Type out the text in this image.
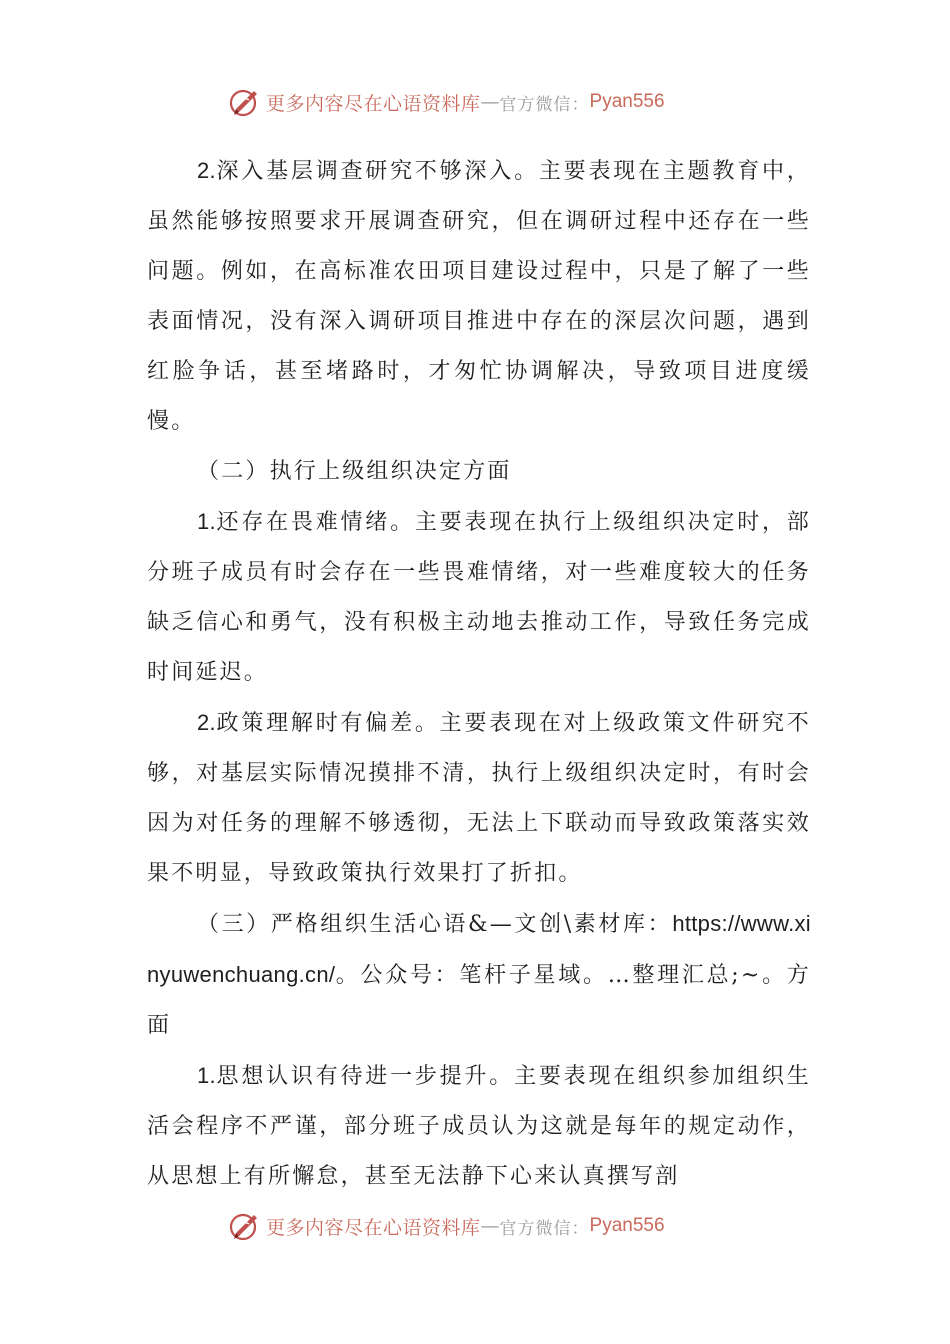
更多内容尽在心语资料库 — 官方微信： Pyan556

2.深入基层调查研究不够深入。主要表现在主题教育中，虽然能够按照要求开展调查研究，但在调研过程中还存在一些问题。例如，在高标准农田项目建设过程中，只是了解了一些表面情况，没有深入调研项目推进中存在的深层次问题，遇到红脸争话，甚至堵路时，才匆忙协调解决，导致项目进度缓慢。

（二）执行上级组织决定方面

1.还存在畏难情绪。主要表现在执行上级组织决定时，部分班子成员有时会存在一些畏难情绪，对一些难度较大的任务缺乏信心和勇气，没有积极主动地去推动工作，导致任务完成时间延迟。

2.政策理解时有偏差。主要表现在对上级政策文件研究不够，对基层实际情况摸排不清，执行上级组织决定时，有时会因为对任务的理解不够透彻，无法上下联动而导致政策落实效果不明显，导致政策执行效果打了折扣。

（三）严格组织生活心语&—文创\素材库：https://www.xinyuwenchuang.cn/。公众号：笔杆子星域。…整理汇总;~。方面

1.思想认识有待进一步提升。主要表现在组织参加组织生活会程序不严谨，部分班子成员认为这就是每年的规定动作，从思想上有所懈怠，甚至无法静下心来认真撰写剖

更多内容尽在心语资料库 — 官方微信： Pyan556
